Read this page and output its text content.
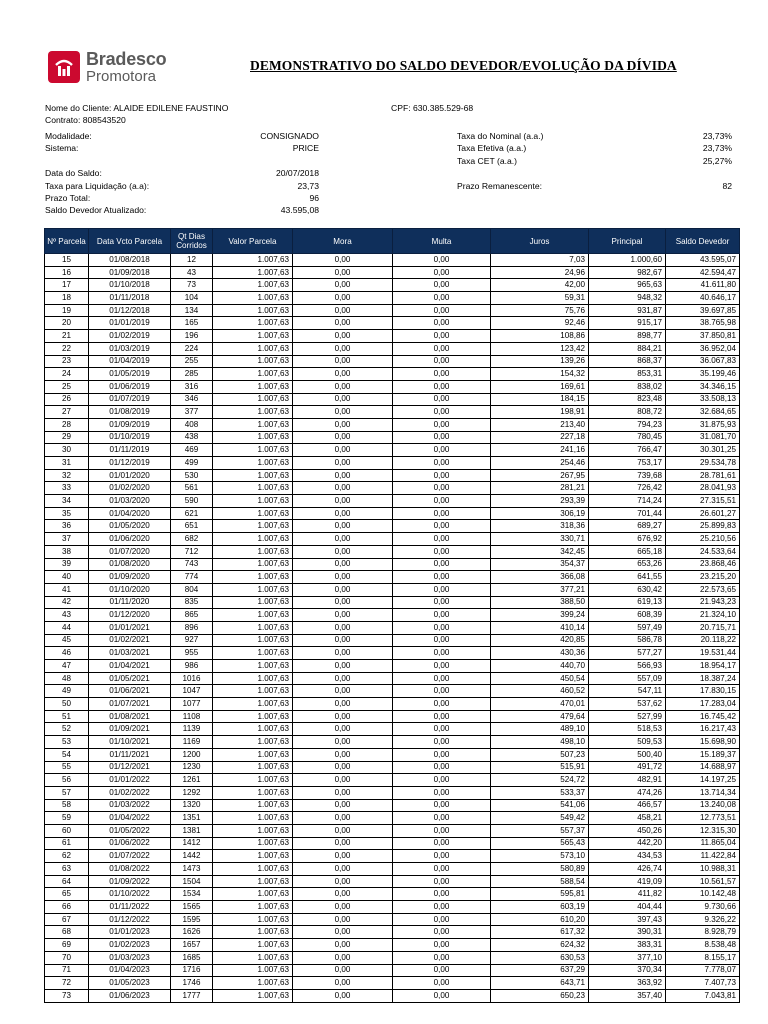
Bradesco
Promotora
DEMONSTRATIVO DO SALDO DEVEDOR/EVOLUÇÃO DA DÍVIDA
Nome do Cliente: ALAIDE EDILENE FAUSTINO
Contrato: 808543520
CPF: 630.385.529-68
Modalidade:	CONSIGNADO
Sistema:	PRICE
Data do Saldo:	20/07/2018
Taxa para Liquidação (a.a):	23,73
Prazo Total:	96
Saldo Devedor Atualizado:	43.595,08
Taxa do Nominal (a.a.)	23,73%
Taxa Efetiva (a.a.)	23,73%
Taxa CET (a.a.)	25,27%
Prazo Remanescente:	82
Nº Parcela	Data Vcto Parcela	Qt Dias Corridos	Valor Parcela	Mora	Multa	Juros	Principal	Saldo Devedor
15	01/08/2018	12	1.007,63	0,00	0,00	7,03	1.000,60	43.595,07
16	01/09/2018	43	1.007,63	0,00	0,00	24,96	982,67	42.594,47
17	01/10/2018	73	1.007,63	0,00	0,00	42,00	965,63	41.611,80
18	01/11/2018	104	1.007,63	0,00	0,00	59,31	948,32	40.646,17
19	01/12/2018	134	1.007,63	0,00	0,00	75,76	931,87	39.697,85
20	01/01/2019	165	1.007,63	0,00	0,00	92,46	915,17	38.765,98
21	01/02/2019	196	1.007,63	0,00	0,00	108,86	898,77	37.850,81
22	01/03/2019	224	1.007,63	0,00	0,00	123,42	884,21	36.952,04
23	01/04/2019	255	1.007,63	0,00	0,00	139,26	868,37	36.067,83
24	01/05/2019	285	1.007,63	0,00	0,00	154,32	853,31	35.199,46
25	01/06/2019	316	1.007,63	0,00	0,00	169,61	838,02	34.346,15
26	01/07/2019	346	1.007,63	0,00	0,00	184,15	823,48	33.508,13
27	01/08/2019	377	1.007,63	0,00	0,00	198,91	808,72	32.684,65
28	01/09/2019	408	1.007,63	0,00	0,00	213,40	794,23	31.875,93
29	01/10/2019	438	1.007,63	0,00	0,00	227,18	780,45	31.081,70
30	01/11/2019	469	1.007,63	0,00	0,00	241,16	766,47	30.301,25
31	01/12/2019	499	1.007,63	0,00	0,00	254,46	753,17	29.534,78
32	01/01/2020	530	1.007,63	0,00	0,00	267,95	739,68	28.781,61
33	01/02/2020	561	1.007,63	0,00	0,00	281,21	726,42	28.041,93
34	01/03/2020	590	1.007,63	0,00	0,00	293,39	714,24	27.315,51
35	01/04/2020	621	1.007,63	0,00	0,00	306,19	701,44	26.601,27
36	01/05/2020	651	1.007,63	0,00	0,00	318,36	689,27	25.899,83
37	01/06/2020	682	1.007,63	0,00	0,00	330,71	676,92	25.210,56
38	01/07/2020	712	1.007,63	0,00	0,00	342,45	665,18	24.533,64
39	01/08/2020	743	1.007,63	0,00	0,00	354,37	653,26	23.868,46
40	01/09/2020	774	1.007,63	0,00	0,00	366,08	641,55	23.215,20
41	01/10/2020	804	1.007,63	0,00	0,00	377,21	630,42	22.573,65
42	01/11/2020	835	1.007,63	0,00	0,00	388,50	619,13	21.943,23
43	01/12/2020	865	1.007,63	0,00	0,00	399,24	608,39	21.324,10
44	01/01/2021	896	1.007,63	0,00	0,00	410,14	597,49	20.715,71
45	01/02/2021	927	1.007,63	0,00	0,00	420,85	586,78	20.118,22
46	01/03/2021	955	1.007,63	0,00	0,00	430,36	577,27	19.531,44
47	01/04/2021	986	1.007,63	0,00	0,00	440,70	566,93	18.954,17
48	01/05/2021	1016	1.007,63	0,00	0,00	450,54	557,09	18.387,24
49	01/06/2021	1047	1.007,63	0,00	0,00	460,52	547,11	17.830,15
50	01/07/2021	1077	1.007,63	0,00	0,00	470,01	537,62	17.283,04
51	01/08/2021	1108	1.007,63	0,00	0,00	479,64	527,99	16.745,42
52	01/09/2021	1139	1.007,63	0,00	0,00	489,10	518,53	16.217,43
53	01/10/2021	1169	1.007,63	0,00	0,00	498,10	509,53	15.698,90
54	01/11/2021	1200	1.007,63	0,00	0,00	507,23	500,40	15.189,37
55	01/12/2021	1230	1.007,63	0,00	0,00	515,91	491,72	14.688,97
56	01/01/2022	1261	1.007,63	0,00	0,00	524,72	482,91	14.197,25
57	01/02/2022	1292	1.007,63	0,00	0,00	533,37	474,26	13.714,34
58	01/03/2022	1320	1.007,63	0,00	0,00	541,06	466,57	13.240,08
59	01/04/2022	1351	1.007,63	0,00	0,00	549,42	458,21	12.773,51
60	01/05/2022	1381	1.007,63	0,00	0,00	557,37	450,26	12.315,30
61	01/06/2022	1412	1.007,63	0,00	0,00	565,43	442,20	11.865,04
62	01/07/2022	1442	1.007,63	0,00	0,00	573,10	434,53	11.422,84
63	01/08/2022	1473	1.007,63	0,00	0,00	580,89	426,74	10.988,31
64	01/09/2022	1504	1.007,63	0,00	0,00	588,54	419,09	10.561,57
65	01/10/2022	1534	1.007,63	0,00	0,00	595,81	411,82	10.142,48
66	01/11/2022	1565	1.007,63	0,00	0,00	603,19	404,44	9.730,66
67	01/12/2022	1595	1.007,63	0,00	0,00	610,20	397,43	9.326,22
68	01/01/2023	1626	1.007,63	0,00	0,00	617,32	390,31	8.928,79
69	01/02/2023	1657	1.007,63	0,00	0,00	624,32	383,31	8.538,48
70	01/03/2023	1685	1.007,63	0,00	0,00	630,53	377,10	8.155,17
71	01/04/2023	1716	1.007,63	0,00	0,00	637,29	370,34	7.778,07
72	01/05/2023	1746	1.007,63	0,00	0,00	643,71	363,92	7.407,73
73	01/06/2023	1777	1.007,63	0,00	0,00	650,23	357,40	7.043,81
